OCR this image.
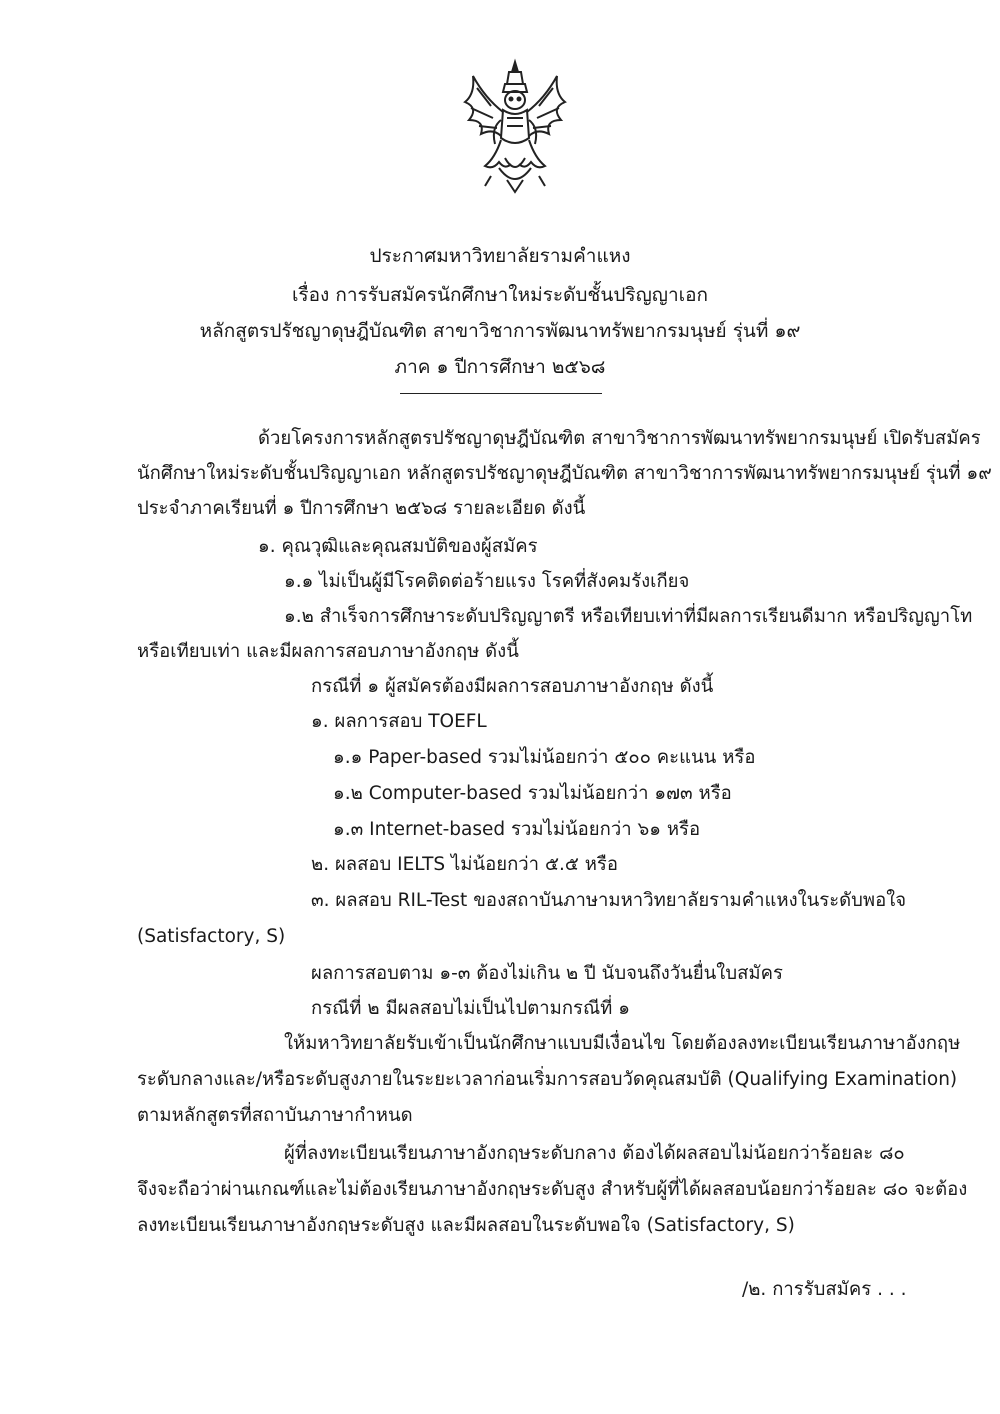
ประกาศมหาวิทยาลัยรามคำแหง
เรื่อง การรับสมัครนักศึกษาใหม่ระดับชั้นปริญญาเอก
หลักสูตรปรัชญาดุษฎีบัณฑิต สาขาวิชาการพัฒนาทรัพยากรมนุษย์ รุ่นที่ ๑๙
ภาค ๑ ปีการศึกษา ๒๕๖๘
ด้วยโครงการหลักสูตรปรัชญาดุษฎีบัณฑิต สาขาวิชาการพัฒนาทรัพยากรมนุษย์ เปิดรับสมัคร
นักศึกษาใหม่ระดับชั้นปริญญาเอก หลักสูตรปรัชญาดุษฎีบัณฑิต สาขาวิชาการพัฒนาทรัพยากรมนุษย์ รุ่นที่ ๑๙
ประจำภาคเรียนที่ ๑ ปีการศึกษา ๒๕๖๘ รายละเอียด ดังนี้
๑. คุณวุฒิและคุณสมบัติของผู้สมัคร
๑.๑ ไม่เป็นผู้มีโรคติดต่อร้ายแรง โรคที่สังคมรังเกียจ
๑.๒ สำเร็จการศึกษาระดับปริญญาตรี หรือเทียบเท่าที่มีผลการเรียนดีมาก หรือปริญญาโท
หรือเทียบเท่า และมีผลการสอบภาษาอังกฤษ ดังนี้
กรณีที่ ๑ ผู้สมัครต้องมีผลการสอบภาษาอังกฤษ ดังนี้
๑. ผลการสอบ TOEFL
๑.๑ Paper-based รวมไม่น้อยกว่า ๕๐๐ คะแนน หรือ
๑.๒ Computer-based รวมไม่น้อยกว่า ๑๗๓ หรือ
๑.๓ Internet-based รวมไม่น้อยกว่า ๖๑ หรือ
๒. ผลสอบ IELTS ไม่น้อยกว่า ๕.๕ หรือ
๓. ผลสอบ RIL-Test ของสถาบันภาษามหาวิทยาลัยรามคำแหงในระดับพอใจ
(Satisfactory, S)
ผลการสอบตาม ๑-๓ ต้องไม่เกิน ๒ ปี นับจนถึงวันยื่นใบสมัคร
กรณีที่ ๒ มีผลสอบไม่เป็นไปตามกรณีที่ ๑
ให้มหาวิทยาลัยรับเข้าเป็นนักศึกษาแบบมีเงื่อนไข โดยต้องลงทะเบียนเรียนภาษาอังกฤษ
ระดับกลางและ/หรือระดับสูงภายในระยะเวลาก่อนเริ่มการสอบวัดคุณสมบัติ (Qualifying Examination)
ตามหลักสูตรที่สถาบันภาษากำหนด
ผู้ที่ลงทะเบียนเรียนภาษาอังกฤษระดับกลาง ต้องได้ผลสอบไม่น้อยกว่าร้อยละ ๘๐
จึงจะถือว่าผ่านเกณฑ์และไม่ต้องเรียนภาษาอังกฤษระดับสูง สำหรับผู้ที่ได้ผลสอบน้อยกว่าร้อยละ ๘๐ จะต้อง
ลงทะเบียนเรียนภาษาอังกฤษระดับสูง และมีผลสอบในระดับพอใจ (Satisfactory, S)
/๒. การรับสมัคร . . .
